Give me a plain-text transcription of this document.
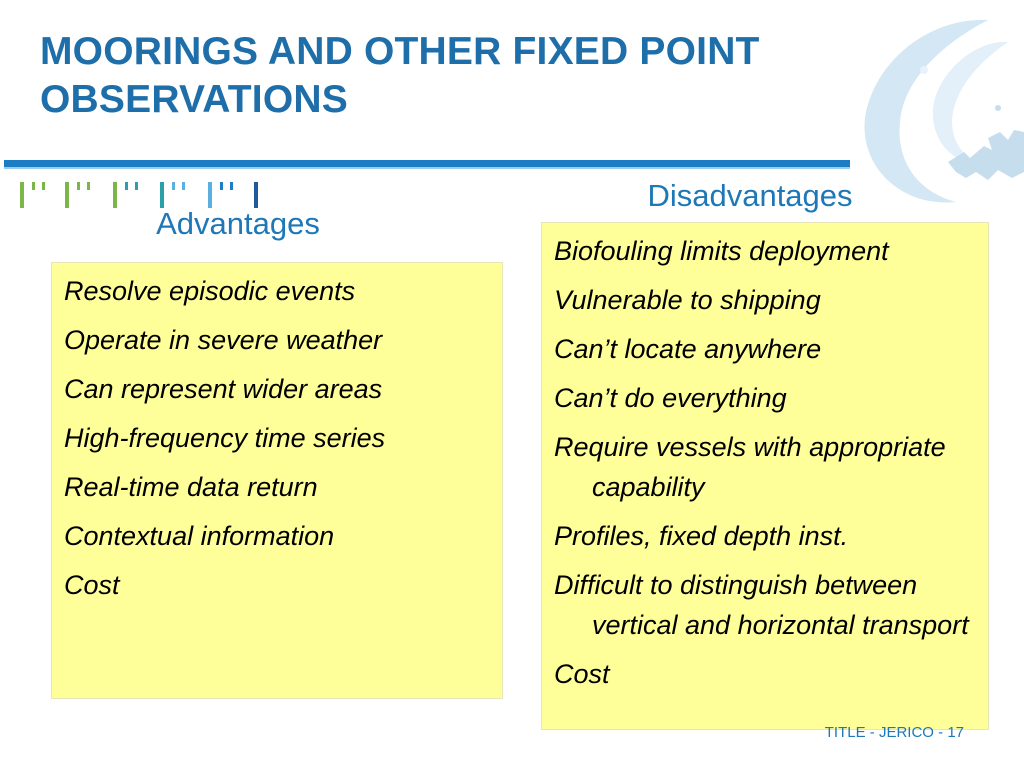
MOORINGS AND OTHER FIXED POINT OBSERVATIONS
Disadvantages
Advantages
Resolve episodic events
Operate in severe weather
Can represent wider areas
High-frequency time series
Real-time data return
Contextual information
Cost
Biofouling limits deployment
Vulnerable to shipping
Can’t locate anywhere
Can’t do everything
Require vessels with appropriate capability
Profiles, fixed depth inst.
Difficult to distinguish between vertical and horizontal transport
Cost
TITLE - JERICO - 17
